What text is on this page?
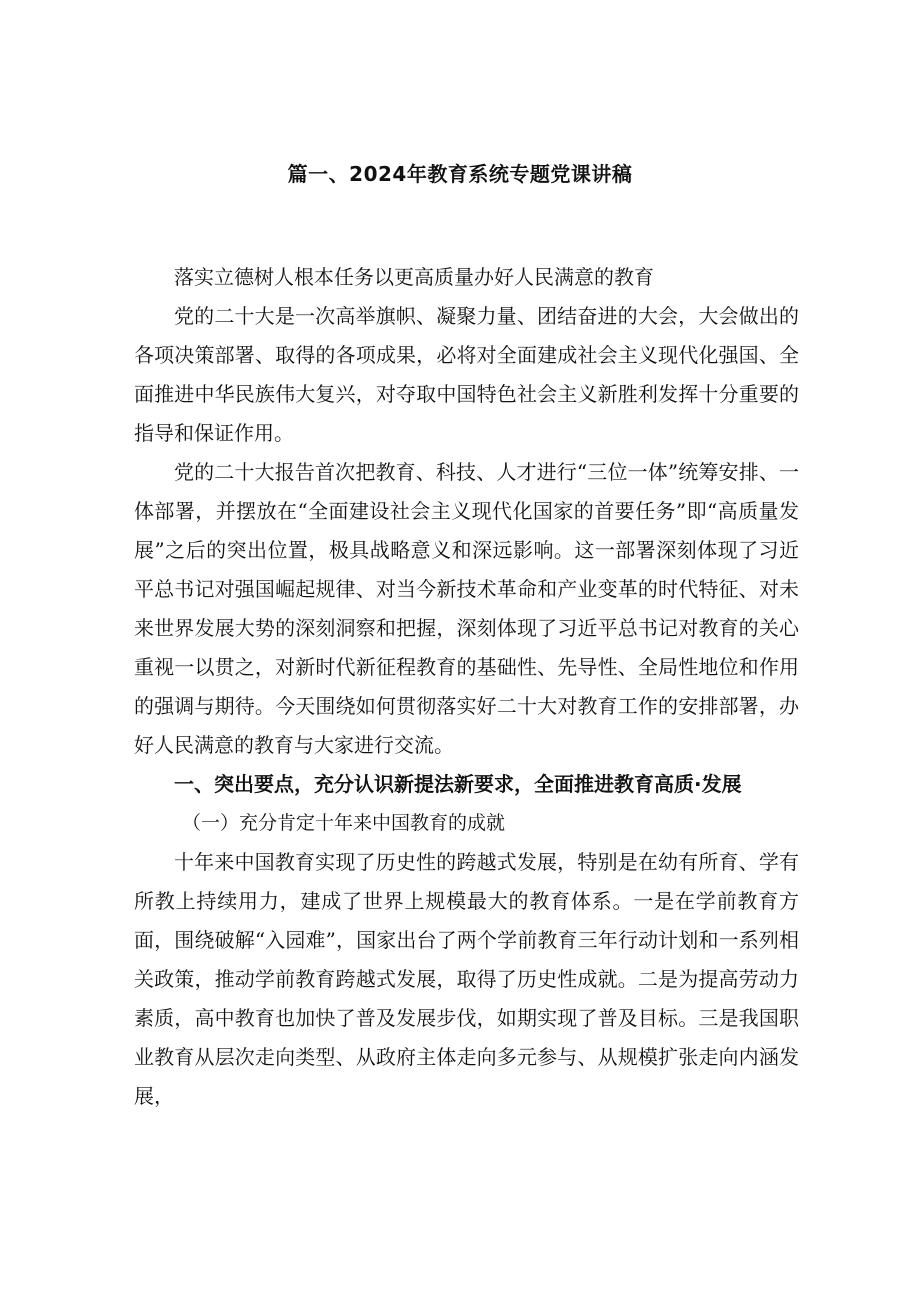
篇一、2024年教育系统专题党课讲稿

落实立德树人根本任务以更高质量办好人民满意的教育

党的二十大是一次高举旗帜、凝聚力量、团结奋进的大会，大会做出的各项决策部署、取得的各项成果，必将对全面建成社会主义现代化强国、全面推进中华民族伟大复兴，对夺取中国特色社会主义新胜利发挥十分重要的指导和保证作用。

党的二十大报告首次把教育、科技、人才进行“三位一体”统筹安排、一体部署，并摆放在“全面建设社会主义现代化国家的首要任务”即“高质量发展”之后的突出位置，极具战略意义和深远影响。这一部署深刻体现了习近平总书记对强国崛起规律、对当今新技术革命和产业变革的时代特征、对未来世界发展大势的深刻洞察和把握，深刻体现了习近平总书记对教育的关心重视一以贯之，对新时代新征程教育的基础性、先导性、全局性地位和作用的强调与期待。今天围绕如何贯彻落实好二十大对教育工作的安排部署，办好人民满意的教育与大家进行交流。

一、突出要点，充分认识新提法新要求，全面推进教育高质·发展

（一）充分肯定十年来中国教育的成就

十年来中国教育实现了历史性的跨越式发展，特别是在幼有所育、学有所教上持续用力，建成了世界上规模最大的教育体系。一是在学前教育方面，围绕破解“入园难”，国家出台了两个学前教育三年行动计划和一系列相关政策，推动学前教育跨越式发展，取得了历史性成就。二是为提高劳动力素质，高中教育也加快了普及发展步伐，如期实现了普及目标。三是我国职业教育从层次走向类型、从政府主体走向多元参与、从规模扩张走向内涵发展，
